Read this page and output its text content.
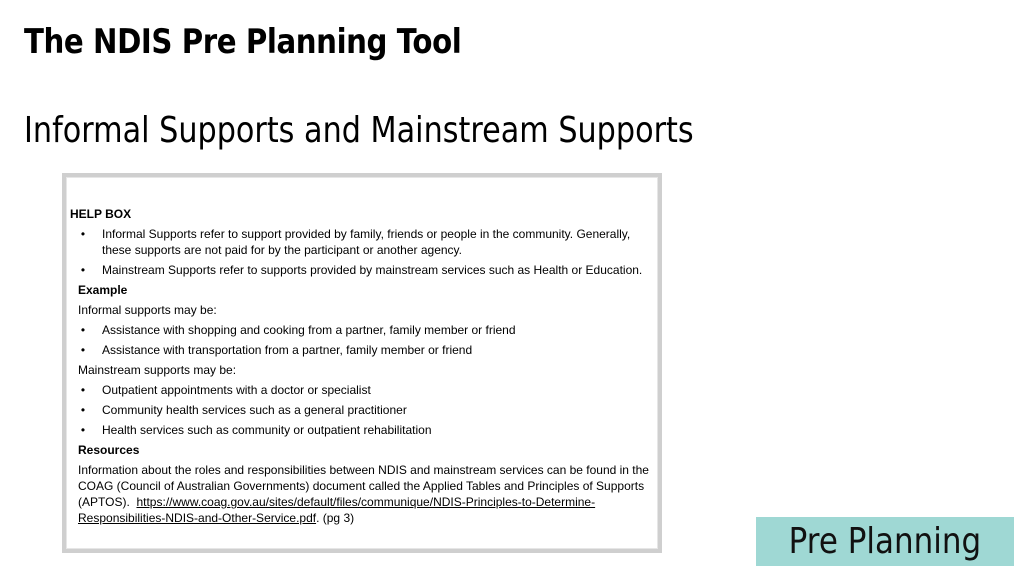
The NDIS Pre Planning Tool
Informal Supports and Mainstream Supports
HELP BOX
• Informal Supports refer to support provided by family, friends or people in the community. Generally, these supports are not paid for by the participant or another agency.
• Mainstream Supports refer to supports provided by mainstream services such as Health or Education.
Example
Informal supports may be:
• Assistance with shopping and cooking from a partner, family member or friend
• Assistance with transportation from a partner, family member or friend
Mainstream supports may be:
• Outpatient appointments with a doctor or specialist
• Community health services such as a general practitioner
• Health services such as community or outpatient rehabilitation
Resources
Information about the roles and responsibilities between NDIS and mainstream services can be found in the COAG (Council of Australian Governments) document called the Applied Tables and Principles of Supports (APTOS). https://www.coag.gov.au/sites/default/files/communique/NDIS-Principles-to-Determine-Responsibilities-NDIS-and-Other-Service.pdf. (pg 3)
Pre Planning
